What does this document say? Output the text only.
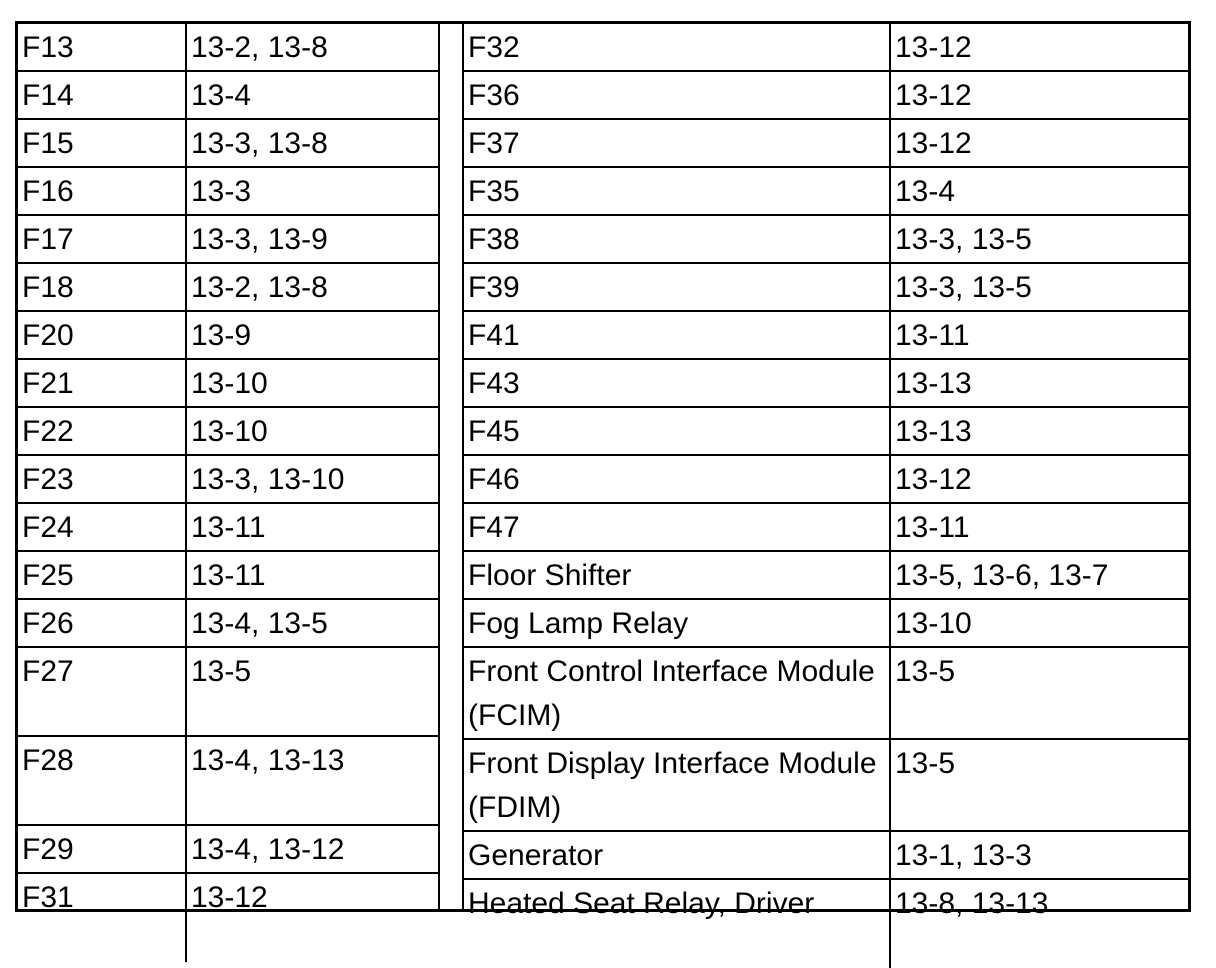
F13	13-2, 13-8
F14	13-4
F15	13-3, 13-8
F16	13-3
F17	13-3, 13-9
F18	13-2, 13-8
F20	13-9
F21	13-10
F22	13-10
F23	13-3, 13-10
F24	13-11
F25	13-11
F26	13-4, 13-5
F27	13-5
F28	13-4, 13-13
F29	13-4, 13-12
F31	13-12
F32	13-12
F36	13-12
F37	13-12
F35	13-4
F38	13-3, 13-5
F39	13-3, 13-5
F41	13-11
F43	13-13
F45	13-13
F46	13-12
F47	13-11
Floor Shifter	13-5, 13-6, 13-7
Fog Lamp Relay	13-10
Front Control Interface Module (FCIM)	13-5
Front Display Interface Module (FDIM)	13-5
Generator	13-1, 13-3
Heated Seat Relay, Driver	13-8, 13-13
